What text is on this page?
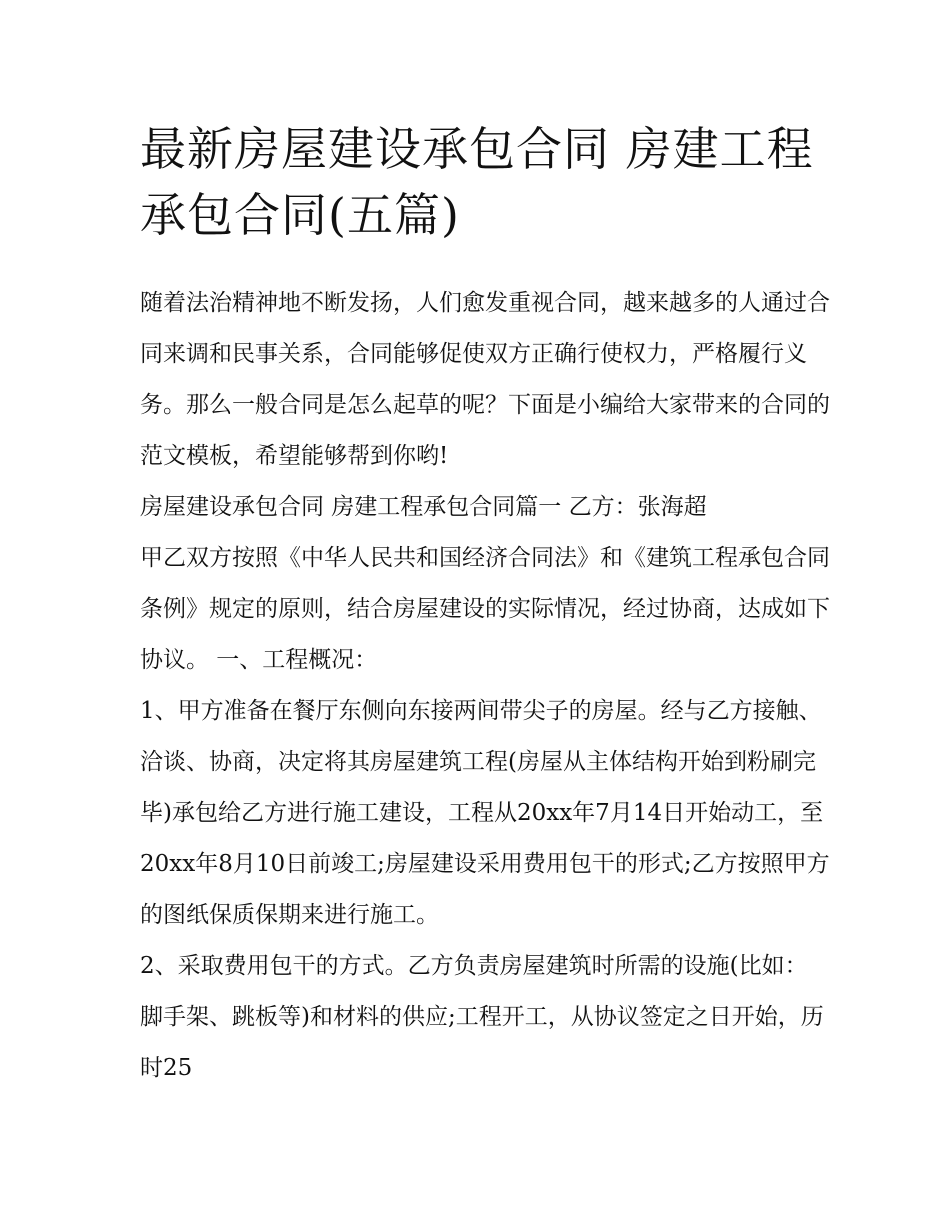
最新房屋建设承包合同 房建工程承包合同(五篇)

随着法治精神地不断发扬，人们愈发重视合同，越来越多的人通过合同来调和民事关系，合同能够促使双方正确行使权力，严格履行义务。那么一般合同是怎么起草的呢？下面是小编给大家带来的合同的范文模板，希望能够帮到你哟!

房屋建设承包合同 房建工程承包合同篇一 乙方：张海超

甲乙双方按照《中华人民共和国经济合同法》和《建筑工程承包合同条例》规定的原则，结合房屋建设的实际情况，经过协商，达成如下协议。 一、工程概况：

1、甲方准备在餐厅东侧向东接两间带尖子的房屋。经与乙方接触、洽谈、协商，决定将其房屋建筑工程(房屋从主体结构开始到粉刷完毕)承包给乙方进行施工建设，工程从20xx年7月14日开始动工，至20xx年8月10日前竣工;房屋建设采用费用包干的形式;乙方按照甲方的图纸保质保期来进行施工。

2、采取费用包干的方式。乙方负责房屋建筑时所需的设施(比如：脚手架、跳板等)和材料的供应;工程开工，从协议签定之日开始，历时25
